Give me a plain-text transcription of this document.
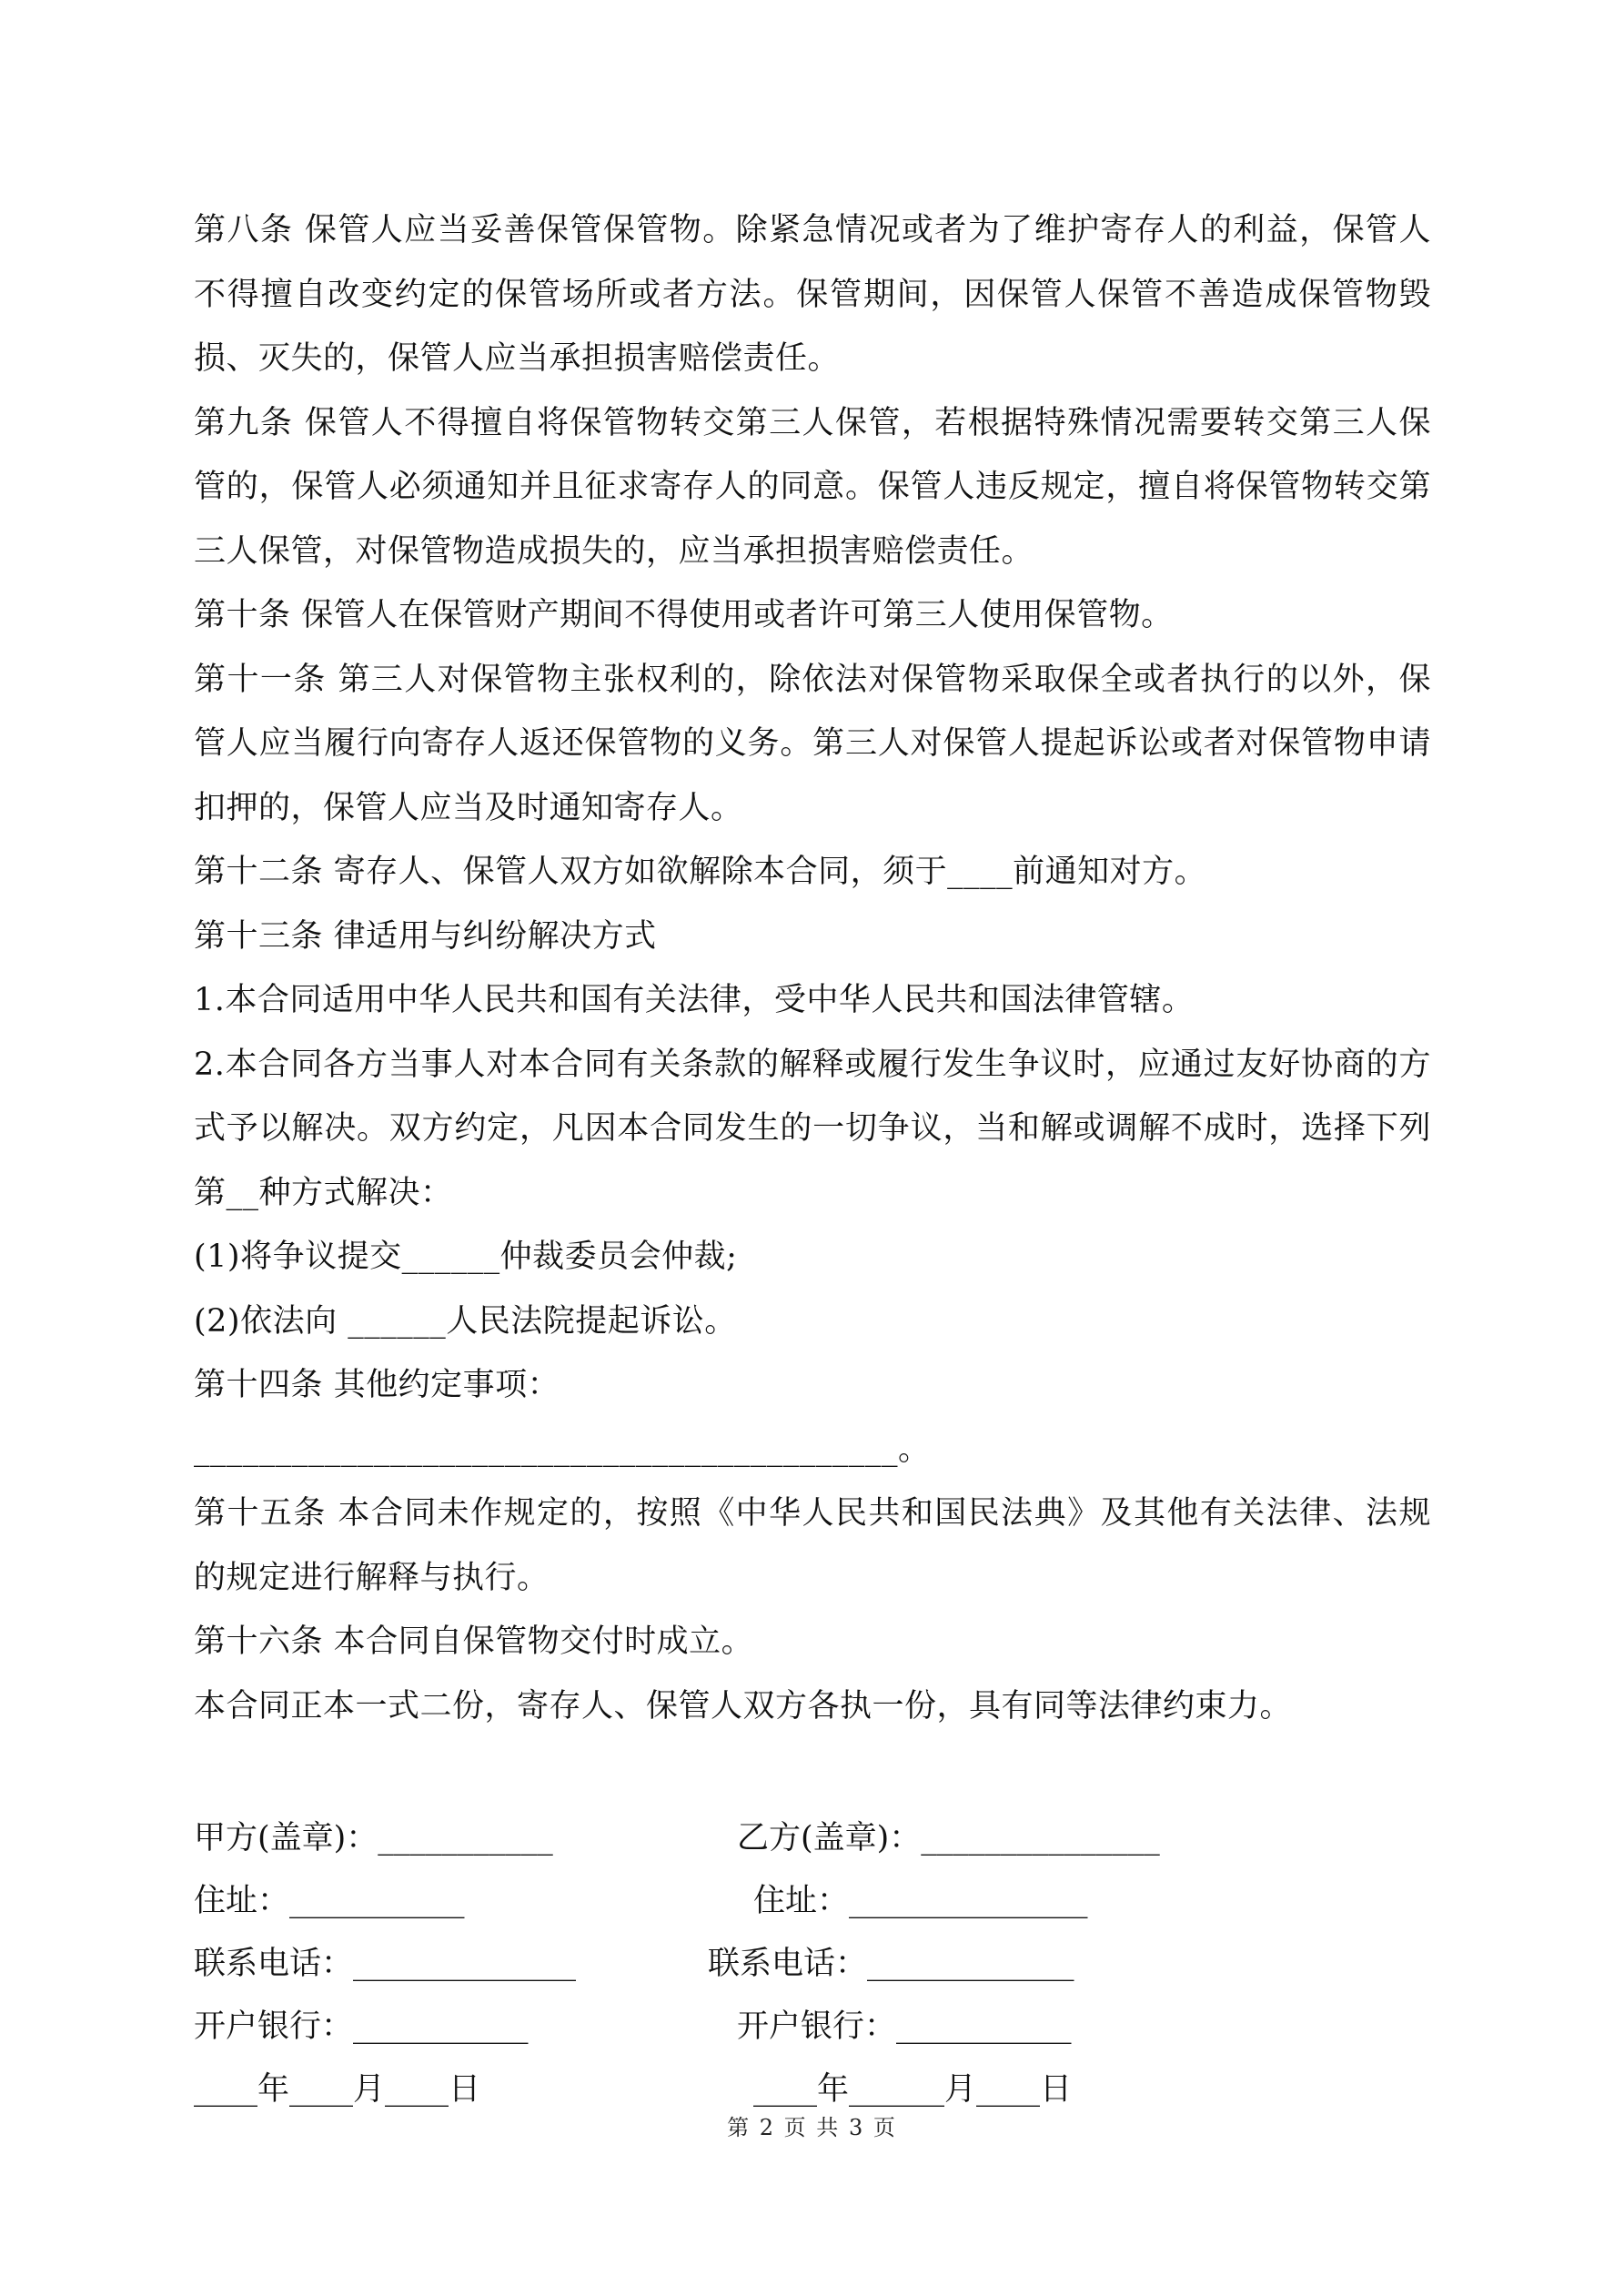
第八条 保管人应当妥善保管保管物。除紧急情况或者为了维护寄存人的利益，保管人不得擅自改变约定的保管场所或者方法。保管期间，因保管人保管不善造成保管物毁损、灭失的，保管人应当承担损害赔偿责任。

第九条 保管人不得擅自将保管物转交第三人保管，若根据特殊情况需要转交第三人保管的，保管人必须通知并且征求寄存人的同意。保管人违反规定，擅自将保管物转交第三人保管，对保管物造成损失的，应当承担损害赔偿责任。

第十条 保管人在保管财产期间不得使用或者许可第三人使用保管物。

第十一条 第三人对保管物主张权利的，除依法对保管物采取保全或者执行的以外，保管人应当履行向寄存人返还保管物的义务。第三人对保管人提起诉讼或者对保管物申请扣押的，保管人应当及时通知寄存人。

第十二条 寄存人、保管人双方如欲解除本合同，须于____前通知对方。

第十三条 律适用与纠纷解决方式

1.本合同适用中华人民共和国有关法律，受中华人民共和国法律管辖。

2.本合同各方当事人对本合同有关条款的解释或履行发生争议时，应通过友好协商的方式予以解决。双方约定，凡因本合同发生的一切争议，当和解或调解不成时，选择下列第__种方式解决：

(1)将争议提交______仲裁委员会仲裁;

(2)依法向 ______人民法院提起诉讼。

第十四条 其他约定事项：

___________________________________________。

第十五条 本合同未作规定的，按照《中华人民共和国民法典》及其他有关法律、法规的规定进行解释与执行。

第十六条 本合同自保管物交付时成立。

本合同正本一式二份，寄存人、保管人双方各执一份，具有同等法律约束力。

甲方(盖章)：___________
住址：___________
联系电话：______________
开户银行：___________
____年____月____日
乙方(盖章)：_______________
住址：_______________
联系电话：_____________
开户银行：___________
____年______月____日
第 2 页 共 3 页
